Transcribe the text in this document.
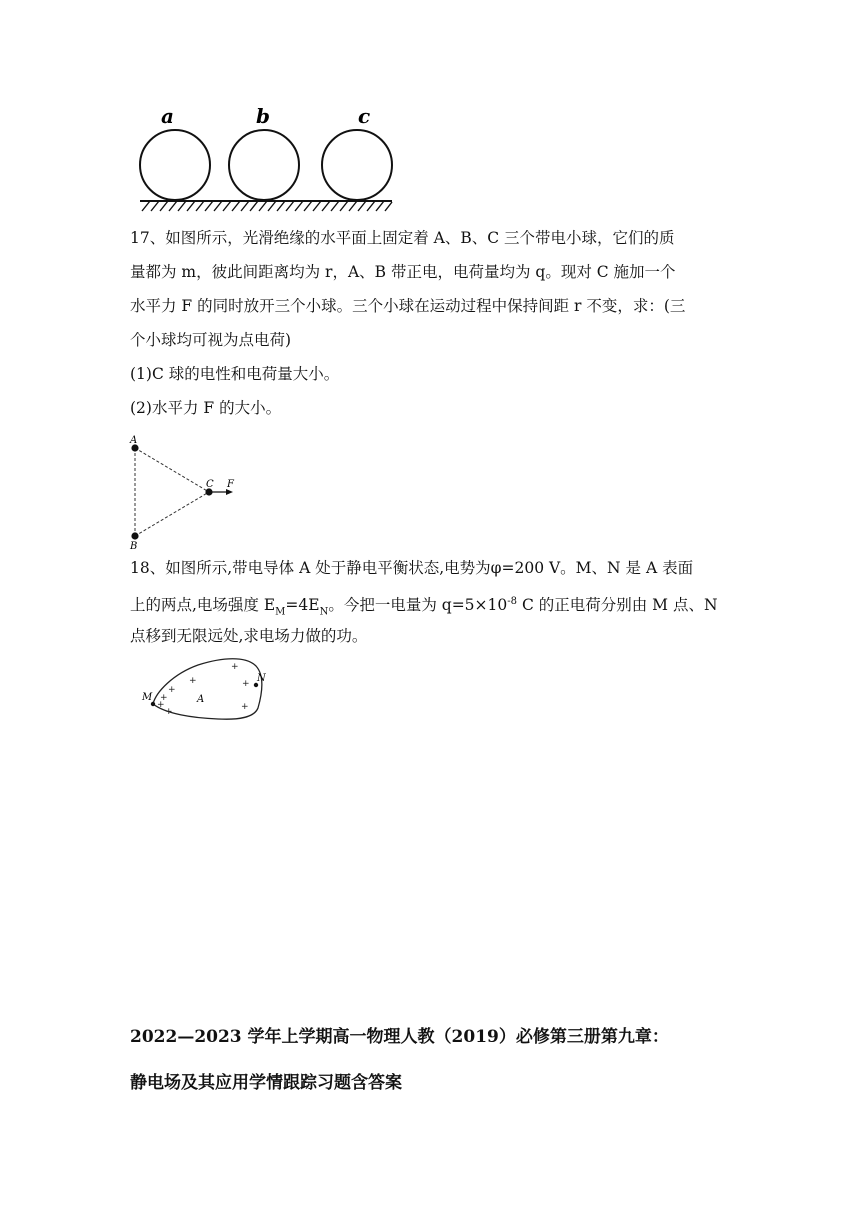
a	b	c
17、如图所示，光滑绝缘的水平面上固定着 A、B、C 三个带电小球，它们的质
量都为 m，彼此间距离均为 r，A、B 带正电，电荷量均为 q。现对 C 施加一个
水平力 F 的同时放开三个小球。三个小球在运动过程中保持间距 r 不变，求：(三
个小球均可视为点电荷)
(1)C 球的电性和电荷量大小。
(2)水平力 F 的大小。
A
B
C F
18、如图所示,带电导体 A 处于静电平衡状态,电势为φ=200 V。M、N 是 A 表面
上的两点,电场强度 $E_M=4E_N$。今把一电量为 $q=5\times 10^{-8}$ C 的正电荷分别由 M 点、N
点移到无限远处,求电场力做的功。
M
N
A
+
+
+
+
+
+
+
+
2022—2023 学年上学期高一物理人教（2019）必修第三册第九章：
静电场及其应用学情跟踪习题含答案
